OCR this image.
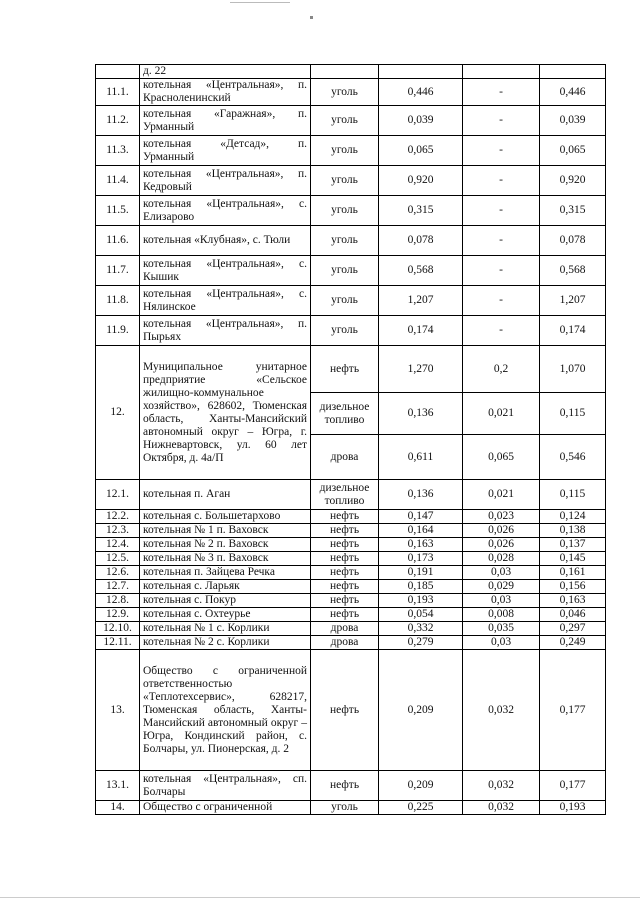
	д. 22				
11.1.	котельная «Центральная», п. Красноленинский	уголь	0,446	-	0,446
11.2.	котельная «Гаражная», п. Урманный	уголь	0,039	-	0,039
11.3.	котельная «Детсад», п. Урманный	уголь	0,065	-	0,065
11.4.	котельная «Центральная», п. Кедровый	уголь	0,920	-	0,920
11.5.	котельная «Центральная», с. Елизарово	уголь	0,315	-	0,315
11.6.	котельная «Клубная», с. Тюли	уголь	0,078	-	0,078
11.7.	котельная «Центральная», с. Кышик	уголь	0,568	-	0,568
11.8.	котельная «Центральная», с. Нялинское	уголь	1,207	-	1,207
11.9.	котельная «Центральная», п. Пырьях	уголь	0,174	-	0,174
12.	Муниципальное унитарное предприятие «Сельское жилищно-коммунальное хозяйство», 628602, Тюменская область, Ханты-Мансийский автономный округ – Югра, г. Нижневартовск, ул. 60 лет Октября, д. 4а/П	нефть	1,270	0,2	1,070
		дизельное топливо	0,136	0,021	0,115
		дрова	0,611	0,065	0,546
12.1.	котельная п. Аган	дизельное топливо	0,136	0,021	0,115
12.2.	котельная с. Большетархово	нефть	0,147	0,023	0,124
12.3.	котельная № 1 п. Ваховск	нефть	0,164	0,026	0,138
12.4.	котельная № 2 п. Ваховск	нефть	0,163	0,026	0,137
12.5.	котельная № 3 п. Ваховск	нефть	0,173	0,028	0,145
12.6.	котельная п. Зайцева Речка	нефть	0,191	0,03	0,161
12.7.	котельная с. Ларьяк	нефть	0,185	0,029	0,156
12.8.	котельная с. Покур	нефть	0,193	0,03	0,163
12.9.	котельная с. Охтеурье	нефть	0,054	0,008	0,046
12.10.	котельная № 1 с. Корлики	дрова	0,332	0,035	0,297
12.11.	котельная № 2 с. Корлики	дрова	0,279	0,03	0,249
13.	Общество с ограниченной ответственностью «Теплотехсервис», 628217, Тюменская область, Ханты-Мансийский автономный округ – Югра, Кондинский район, с. Болчары, ул. Пионерская, д. 2	нефть	0,209	0,032	0,177
13.1.	котельная «Центральная», сп. Болчары	нефть	0,209	0,032	0,177
14.	Общество с ограниченной	уголь	0,225	0,032	0,193
